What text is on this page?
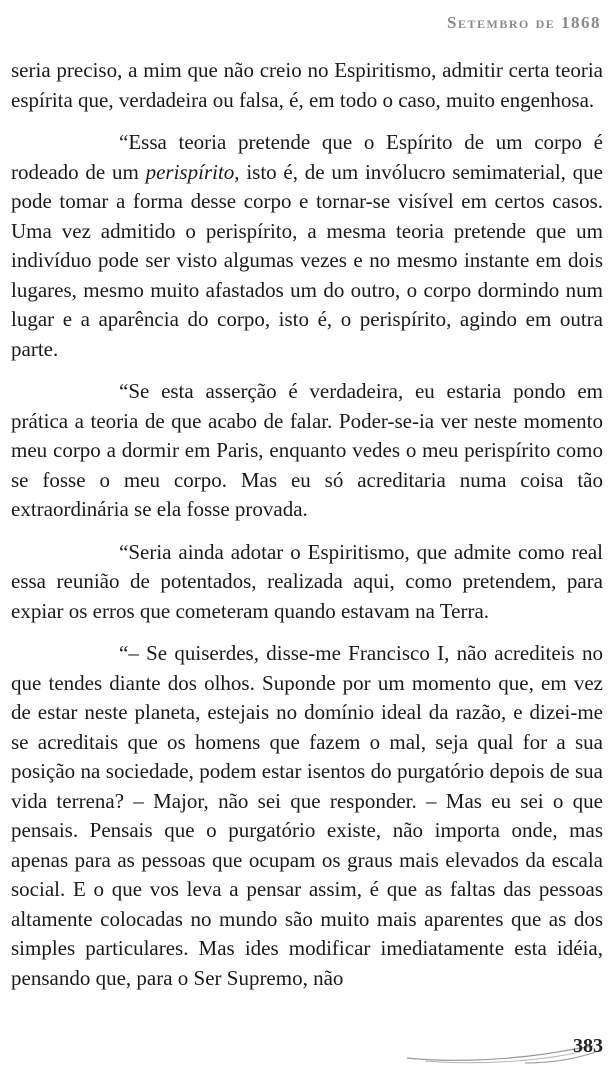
Setembro de 1868

seria preciso, a mim que não creio no Espiritismo, admitir certa teoria espírita que, verdadeira ou falsa, é, em todo o caso, muito engenhosa.

“Essa teoria pretende que o Espírito de um corpo é rodeado de um perispírito, isto é, de um invólucro semimaterial, que pode tomar a forma desse corpo e tornar-se visível em certos casos. Uma vez admitido o perispírito, a mesma teoria pretende que um indivíduo pode ser visto algumas vezes e no mesmo instante em dois lugares, mesmo muito afastados um do outro, o corpo dormindo num lugar e a aparência do corpo, isto é, o perispírito, agindo em outra parte.

“Se esta asserção é verdadeira, eu estaria pondo em prática a teoria de que acabo de falar. Poder-se-ia ver neste momento meu corpo a dormir em Paris, enquanto vedes o meu perispírito como se fosse o meu corpo. Mas eu só acreditaria numa coisa tão extraordinária se ela fosse provada.

“Seria ainda adotar o Espiritismo, que admite como real essa reunião de potentados, realizada aqui, como pretendem, para expiar os erros que cometeram quando estavam na Terra.

“– Se quiserdes, disse-me Francisco I, não acrediteis no que tendes diante dos olhos. Suponde por um momento que, em vez de estar neste planeta, estejais no domínio ideal da razão, e dizei-me se acreditais que os homens que fazem o mal, seja qual for a sua posição na sociedade, podem estar isentos do purgatório depois de sua vida terrena? – Major, não sei que responder. – Mas eu sei o que pensais. Pensais que o purgatório existe, não importa onde, mas apenas para as pessoas que ocupam os graus mais elevados da escala social. E o que vos leva a pensar assim, é que as faltas das pessoas altamente colocadas no mundo são muito mais aparentes que as dos simples particulares. Mas ides modificar imediatamente esta idéia, pensando que, para o Ser Supremo, não

383
